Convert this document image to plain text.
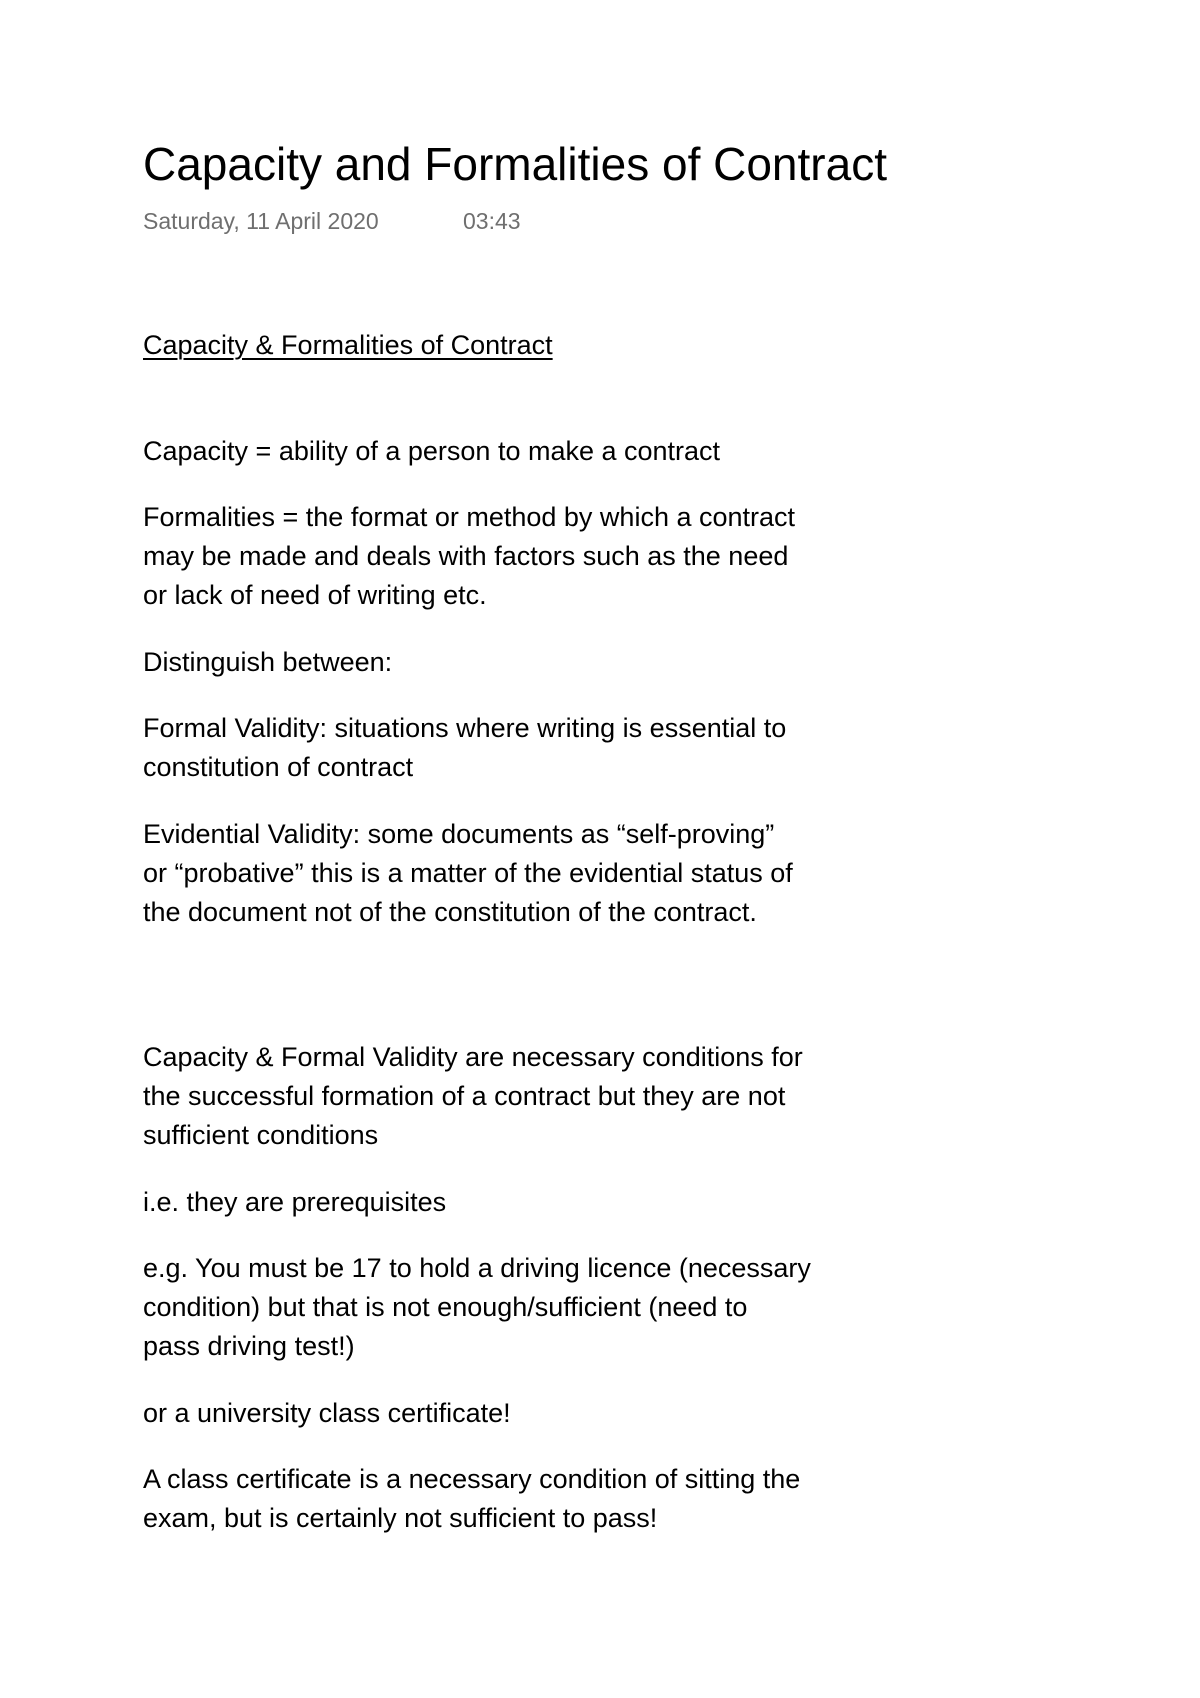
Capacity and Formalities of Contract
Saturday, 11 April 2020	03:43

Capacity & Formalities of Contract

Capacity = ability of a person to make a contract

Formalities = the format or method by which a contract
may be made and deals with factors such as the need
or lack of need of writing etc.

Distinguish between:

Formal Validity: situations where writing is essential to
constitution of contract

Evidential Validity: some documents as “self-proving”
or “probative” this is a matter of the evidential status of
the document not of the constitution of the contract.

Capacity & Formal Validity are necessary conditions for
the successful formation of a contract but they are not
sufficient conditions

i.e. they are prerequisites

e.g. You must be 17 to hold a driving licence (necessary
condition) but that is not enough/sufficient (need to
pass driving test!)

or a university class certificate!

A class certificate is a necessary condition of sitting the
exam, but is certainly not sufficient to pass!
